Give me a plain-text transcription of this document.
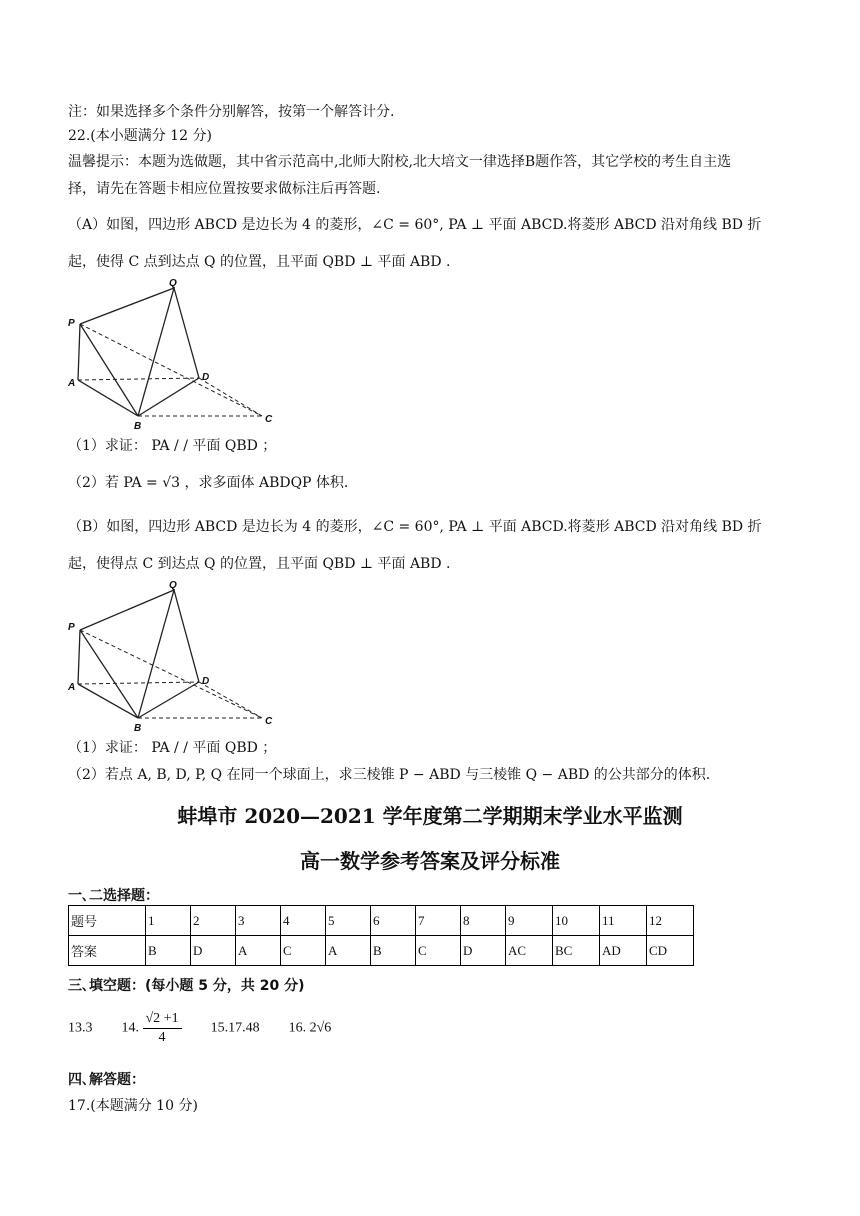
注：如果选择多个条件分别解答，按第一个解答计分.
22.(本小题满分 12 分)
温馨提示：本题为选做题，其中省示范高中,北师大附校,北大培文一律选择B题作答，其它学校的考生自主选
择，请先在答题卡相应位置按要求做标注后再答题.
（A）如图，四边形 ABCD 是边长为 4 的菱形，∠C = 60°, PA ⊥ 平面 ABCD.将菱形 ABCD 沿对角线 BD 折
起，使得 C 点到达点 Q 的位置，且平面 QBD ⊥ 平面 ABD .
P
Q
A
D
B
C
（1）求证： PA / / 平面 QBD ；
（2）若 PA = √3 ，求多面体 ABDQP 体积.
（B）如图，四边形 ABCD 是边长为 4 的菱形，∠C = 60°, PA ⊥ 平面 ABCD.将菱形 ABCD 沿对角线 BD 折
起，使得点 C 到达点 Q 的位置，且平面 QBD ⊥ 平面 ABD .
P
Q
A
D
B
C
（1）求证： PA / / 平面 QBD ；
（2）若点 A, B, D, P, Q 在同一个球面上，求三棱锥 P − ABD 与三棱锥 Q − ABD 的公共部分的体积.
蚌埠市 2020—2021 学年度第二学期期末学业水平监测
高一数学参考答案及评分标准
一､二选择题：
题号	1	2	3	4	5	6	7	8	9	10	11	12
答案	B	D	A	C	A	B	C	D	AC	BC	AD	CD
三､填空题：(每小题 5 分，共 20 分)
13.3 14. $\frac{√2 +1}{4} 15.17.48$ 16. 2√6
四､解答题：
17.(本题满分 10 分)
